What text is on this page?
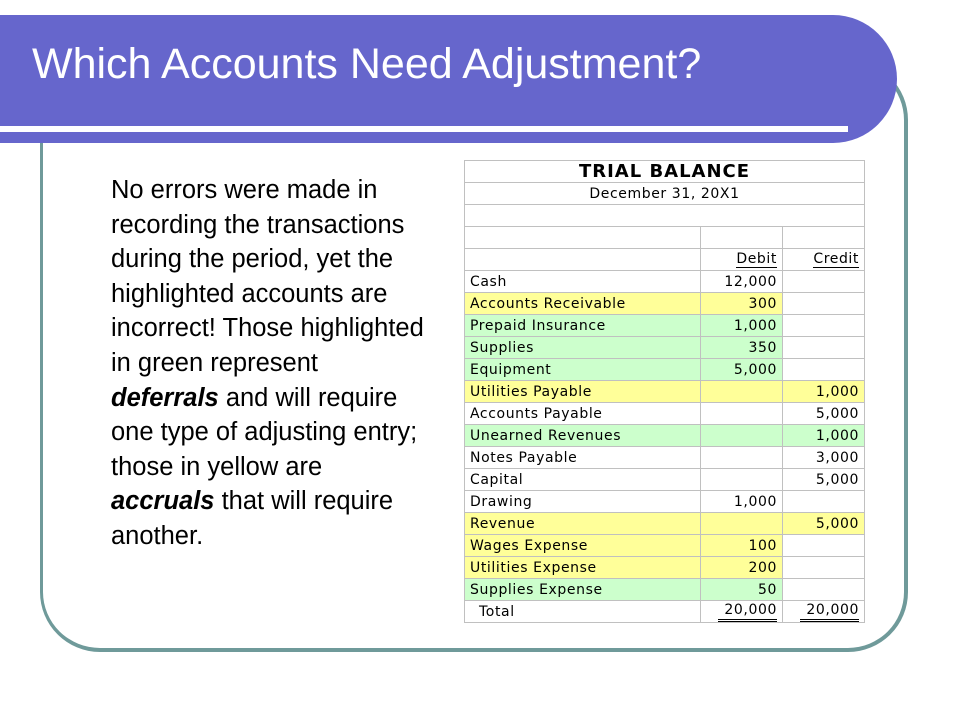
Which Accounts Need Adjustment?
No errors were made in recording the transactions during the period, yet the highlighted accounts are incorrect! Those highlighted in green represent deferrals and will require one type of adjusting entry; those in yellow are accruals that will require another.
TRIAL BALANCE		
December 31, 20X1		

	Debit	Credit
Cash	12,000	
Accounts Receivable	300	
Prepaid Insurance	1,000	
Supplies	350	
Equipment	5,000	
Utilities Payable		1,000
Accounts Payable		5,000
Unearned Revenues		1,000
Notes Payable		3,000
Capital		5,000
Drawing	1,000	
Revenue		5,000
Wages Expense	100	
Utilities Expense	200	
Supplies Expense	50	
Total	20,000	20,000
